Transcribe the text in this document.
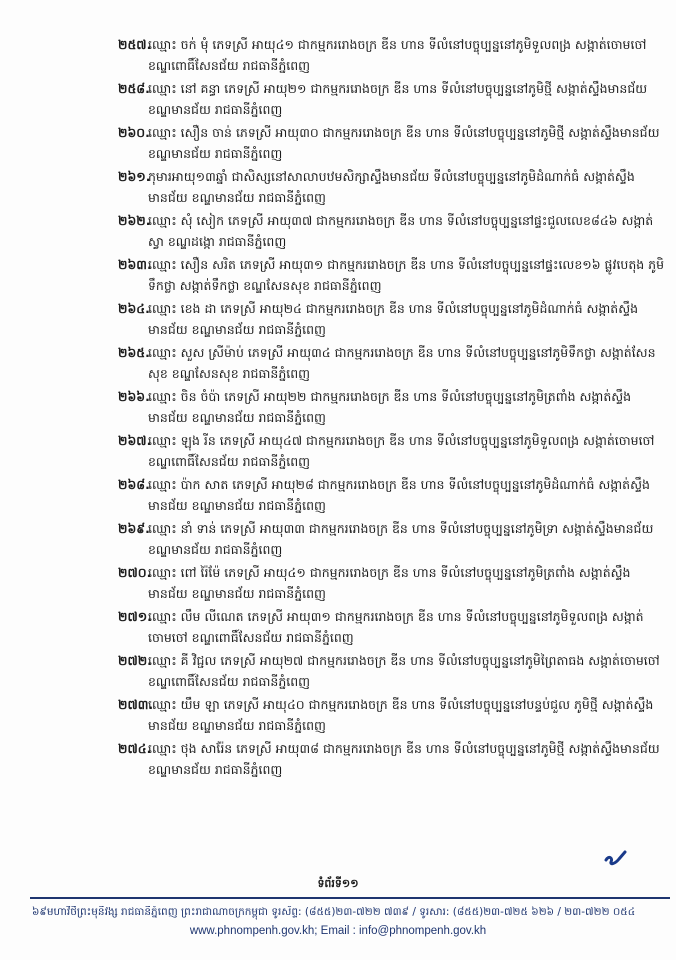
២៥៧.
ឈ្មោះ ចក់ មុំ ភេទស្រី អាយុ៤១ ជាកម្មកររោងចក្រ ឌីន ហាន ទីលំនៅបច្ចុប្បន្ននៅភូមិទួលពង្រ សង្កាត់ចោមចៅ ខណ្ឌពោធិ៍សែនជ័យ រាជធានីភ្នំពេញ
២៥៨.
ឈ្មោះ នៅ គន្ធា ភេទស្រី អាយុ២១ ជាកម្មកររោងចក្រ ឌីន ហាន ទីលំនៅបច្ចុប្បន្ននៅភូមិថ្មី សង្កាត់ស្ទឹងមានជ័យ ខណ្ឌមានជ័យ រាជធានីភ្នំពេញ
២៦០.
ឈ្មោះ សឿន ចាន់ ភេទស្រី អាយុ៣០ ជាកម្មកររោងចក្រ ឌីន ហាន ទីលំនៅបច្ចុប្បន្ននៅភូមិថ្មី សង្កាត់ស្ទឹងមានជ័យ ខណ្ឌមានជ័យ រាជធានីភ្នំពេញ
២៦១.
កុមារអាយុ១៣ឆ្នាំ ជាសិស្សនៅសាលាបឋមសិក្សាស្ទឹងមានជ័យ ទីលំនៅបច្ចុប្បន្ននៅភូមិដំណាក់ធំ សង្កាត់ស្ទឹងមានជ័យ ខណ្ឌមានជ័យ រាជធានីភ្នំពេញ
២៦២.
ឈ្មោះ សុំ សៀក ភេទស្រី អាយុ៣៧ ជាកម្មកររោងចក្រ ឌីន ហាន ទីលំនៅបច្ចុប្បន្ននៅផ្ទះជួលលេខ៨៤៦ សង្កាត់ស្វា ខណ្ឌដង្កោ រាជធានីភ្នំពេញ
២៦៣.
ឈ្មោះ សឿន សរិត ភេទស្រី អាយុ៣១ ជាកម្មកររោងចក្រ ឌីន ហាន ទីលំនៅបច្ចុប្បន្ននៅផ្ទះលេខ១៦ ផ្លូវបេតុង ភូមិទឹកថ្លា សង្កាត់ទឹកថ្លា ខណ្ឌសែនសុខ រាជធានីភ្នំពេញ
២៦៤.
ឈ្មោះ ខេង ដា ភេទស្រី អាយុ២៤ ជាកម្មកររោងចក្រ ឌីន ហាន ទីលំនៅបច្ចុប្បន្ននៅភូមិដំណាក់ធំ សង្កាត់ស្ទឹងមានជ័យ ខណ្ឌមានជ័យ រាជធានីភ្នំពេញ
២៦៥.
ឈ្មោះ សួស ស្រីម៉ាប់ ភេទស្រី អាយុ៣៤ ជាកម្មកររោងចក្រ ឌីន ហាន ទីលំនៅបច្ចុប្បន្ននៅភូមិទឹកថ្លា សង្កាត់សែនសុខ ខណ្ឌសែនសុខ រាជធានីភ្នំពេញ
២៦៦.
ឈ្មោះ ចិន ចំប៉ា ភេទស្រី អាយុ២២ ជាកម្មកររោងចក្រ ឌីន ហាន ទីលំនៅបច្ចុប្បន្ននៅភូមិត្រពាំង សង្កាត់ស្ទឹងមានជ័យ ខណ្ឌមានជ័យ រាជធានីភ្នំពេញ
២៦៧.
ឈ្មោះ ឡុង រីន ភេទស្រី អាយុ៤៧ ជាកម្មកររោងចក្រ ឌីន ហាន ទីលំនៅបច្ចុប្បន្ននៅភូមិទួលពង្រ សង្កាត់ចោមចៅ ខណ្ឌពោធិ៍សែនជ័យ រាជធានីភ្នំពេញ
២៦៨.
ឈ្មោះ ប៉ាក សាត ភេទស្រី អាយុ២៨ ជាកម្មកររោងចក្រ ឌីន ហាន ទីលំនៅបច្ចុប្បន្ននៅភូមិដំណាក់ធំ សង្កាត់ស្ទឹងមានជ័យ ខណ្ឌមានជ័យ រាជធានីភ្នំពេញ
២៦៩.
ឈ្មោះ នាំ ទាន់ ភេទស្រី អាយុ៣៣ ជាកម្មកររោងចក្រ ឌីន ហាន ទីលំនៅបច្ចុប្បន្ននៅភូមិទ្រា សង្កាត់ស្ទឹងមានជ័យ ខណ្ឌមានជ័យ រាជធានីភ្នំពេញ
២៧០.
ឈ្មោះ ពៅ រ៉ៃម៉ែ ភេទស្រី អាយុ៤១ ជាកម្មកររោងចក្រ ឌីន ហាន ទីលំនៅបច្ចុប្បន្ននៅភូមិត្រពាំង សង្កាត់ស្ទឹងមានជ័យ ខណ្ឌមានជ័យ រាជធានីភ្នំពេញ
២៧១.
ឈ្មោះ លឹម លីណេត ភេទស្រី អាយុ៣១ ជាកម្មកររោងចក្រ ឌីន ហាន ទីលំនៅបច្ចុប្បន្ននៅភូមិទួលពង្រ សង្កាត់ចោមចៅ ខណ្ឌពោធិ៍សែនជ័យ រាជធានីភ្នំពេញ
២៧២.
ឈ្មោះ គី វិជ្ជល ភេទស្រី អាយុ២៧ ជាកម្មកររោងចក្រ ឌីន ហាន ទីលំនៅបច្ចុប្បន្ននៅភូមិព្រៃតាធង សង្កាត់ចោមចៅ ខណ្ឌពោធិ៍សែនជ័យ រាជធានីភ្នំពេញ
២៧៣.
ឈ្មោះ យឹម ឡា ភេទស្រី អាយុ៤០ ជាកម្មកររោងចក្រ ឌីន ហាន ទីលំនៅបច្ចុប្បន្ននៅបន្ទប់ជួល ភូមិថ្មី សង្កាត់ស្ទឹងមានជ័យ ខណ្ឌមានជ័យ រាជធានីភ្នំពេញ
២៧៤.
ឈ្មោះ ថុង សារ៉ែន ភេទស្រី អាយុ៣៨ ជាកម្មកររោងចក្រ ឌីន ហាន ទីលំនៅបច្ចុប្បន្ននៅភូមិថ្មី សង្កាត់ស្ទឹងមានជ័យ ខណ្ឌមានជ័យ រាជធានីភ្នំពេញ
ទំព័រទី១១
៦៩មហាវិថីព្រះមុនីវង្ស រាជធានីភ្នំពេញ ព្រះរាជាណាចក្រកម្ពុជា ទូរស័ព្ទ: (៨៥៥)២៣-៧២២ ៧៣៩ / ទូរសារ: (៨៥៥)២៣-៧២៥ ៦២៦ / ២៣-៧២២ ០៥៤
www.phnompenh.gov.kh; Email : info@phnompenh.gov.kh
